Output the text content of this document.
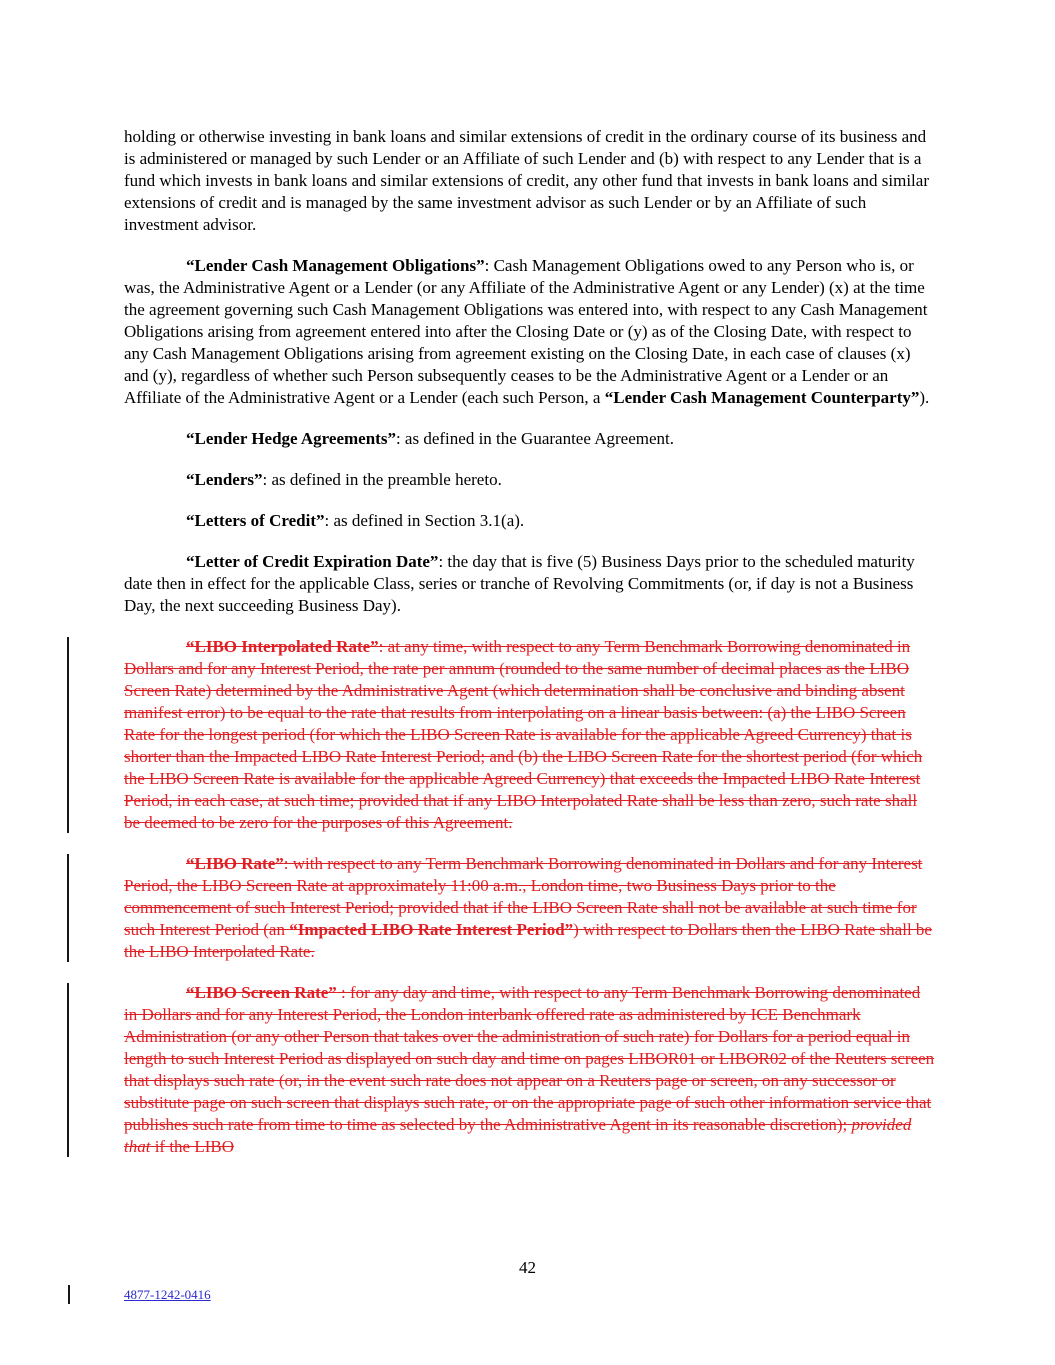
holding or otherwise investing in bank loans and similar extensions of credit in the ordinary course of its business and is administered or managed by such Lender or an Affiliate of such Lender and (b) with respect to any Lender that is a fund which invests in bank loans and similar extensions of credit, any other fund that invests in bank loans and similar extensions of credit and is managed by the same investment advisor as such Lender or by an Affiliate of such investment advisor.

“Lender Cash Management Obligations”: Cash Management Obligations owed to any Person who is, or was, the Administrative Agent or a Lender (or any Affiliate of the Administrative Agent or any Lender) (x) at the time the agreement governing such Cash Management Obligations was entered into, with respect to any Cash Management Obligations arising from agreement entered into after the Closing Date or (y) as of the Closing Date, with respect to any Cash Management Obligations arising from agreement existing on the Closing Date, in each case of clauses (x) and (y), regardless of whether such Person subsequently ceases to be the Administrative Agent or a Lender or an Affiliate of the Administrative Agent or a Lender (each such Person, a “Lender Cash Management Counterparty”).

“Lender Hedge Agreements”: as defined in the Guarantee Agreement.

“Lenders”: as defined in the preamble hereto.

“Letters of Credit”: as defined in Section 3.1(a).

“Letter of Credit Expiration Date”: the day that is five (5) Business Days prior to the scheduled maturity date then in effect for the applicable Class, series or tranche of Revolving Commitments (or, if day is not a Business Day, the next succeeding Business Day).

“LIBO Interpolated Rate”: at any time, with respect to any Term Benchmark Borrowing denominated in Dollars and for any Interest Period, the rate per annum (rounded to the same number of decimal places as the LIBO Screen Rate) determined by the Administrative Agent (which determination shall be conclusive and binding absent manifest error) to be equal to the rate that results from interpolating on a linear basis between: (a) the LIBO Screen Rate for the longest period (for which the LIBO Screen Rate is available for the applicable Agreed Currency) that is shorter than the Impacted LIBO Rate Interest Period; and (b) the LIBO Screen Rate for the shortest period (for which the LIBO Screen Rate is available for the applicable Agreed Currency) that exceeds the Impacted LIBO Rate Interest Period, in each case, at such time; provided that if any LIBO Interpolated Rate shall be less than zero, such rate shall be deemed to be zero for the purposes of this Agreement.

“LIBO Rate”: with respect to any Term Benchmark Borrowing denominated in Dollars and for any Interest Period, the LIBO Screen Rate at approximately 11:00 a.m., London time, two Business Days prior to the commencement of such Interest Period; provided that if the LIBO Screen Rate shall not be available at such time for such Interest Period (an “Impacted LIBO Rate Interest Period”) with respect to Dollars then the LIBO Rate shall be the LIBO Interpolated Rate.

“LIBO Screen Rate” : for any day and time, with respect to any Term Benchmark Borrowing denominated in Dollars and for any Interest Period, the London interbank offered rate as administered by ICE Benchmark Administration (or any other Person that takes over the administration of such rate) for Dollars for a period equal in length to such Interest Period as displayed on such day and time on pages LIBOR01 or LIBOR02 of the Reuters screen that displays such rate (or, in the event such rate does not appear on a Reuters page or screen, on any successor or substitute page on such screen that displays such rate, or on the appropriate page of such other information service that publishes such rate from time to time as selected by the Administrative Agent in its reasonable discretion); provided that if the LIBO

42
4877-1242-0416
